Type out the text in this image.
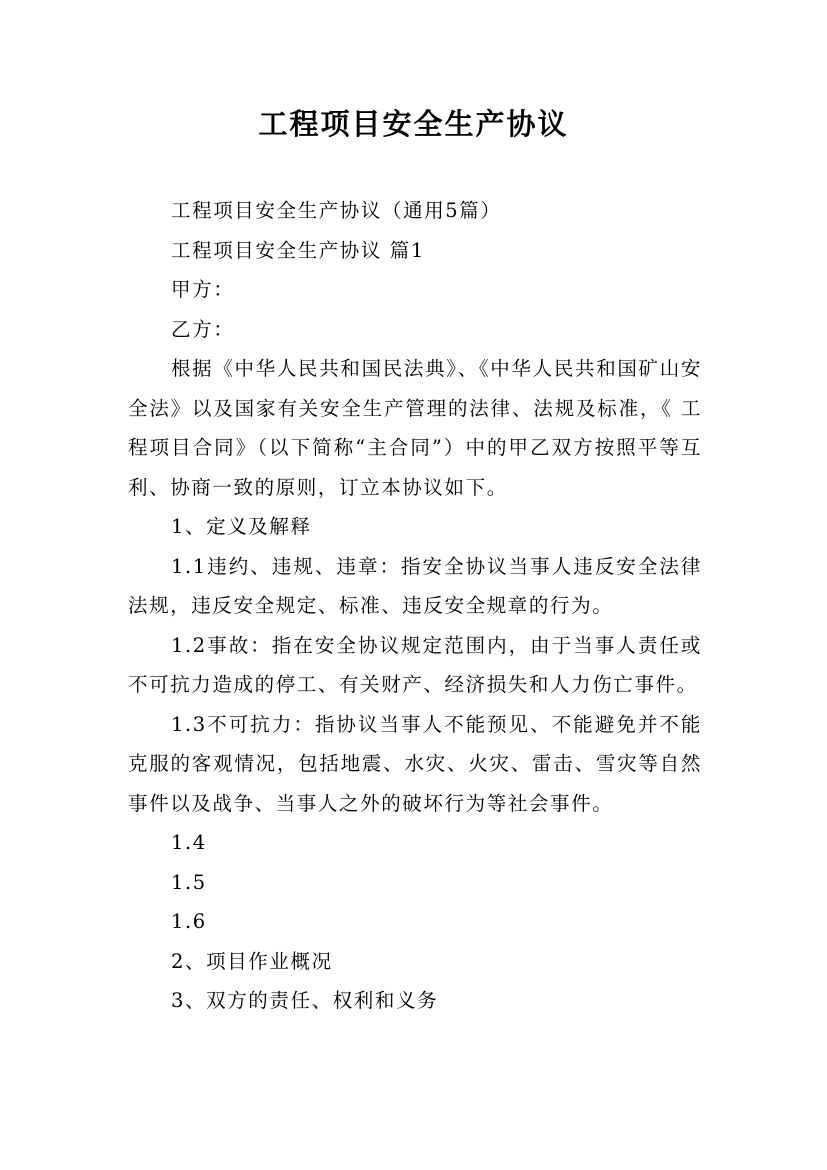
工程项目安全生产协议

工程项目安全生产协议（通用5篇）

工程项目安全生产协议 篇1

甲方：

乙方：

根据《中华人民共和国民法典》、《中华人民共和国矿山安全法》以及国家有关安全生产管理的法律、法规及标准，《 工程项目合同》（以下简称“主合同”）中的甲乙双方按照平等互利、协商一致的原则，订立本协议如下。

1、定义及解释

1.1违约、违规、违章：指安全协议当事人违反安全法律法规，违反安全规定、标准、违反安全规章的行为。

1.2事故：指在安全协议规定范围内，由于当事人责任或不可抗力造成的停工、有关财产、经济损失和人力伤亡事件。

1.3不可抗力：指协议当事人不能预见、不能避免并不能克服的客观情况，包括地震、水灾、火灾、雷击、雪灾等自然事件以及战争、当事人之外的破坏行为等社会事件。

1.4

1.5

1.6

2、项目作业概况

3、双方的责任、权利和义务
